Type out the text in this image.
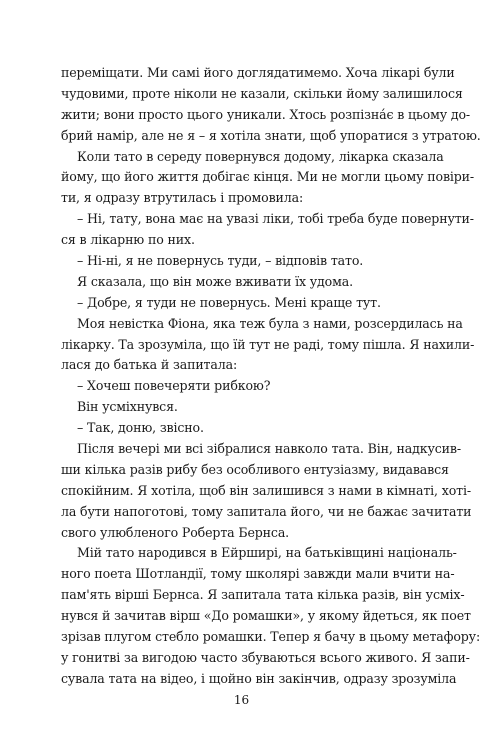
переміщати. Ми самі його доглядатимемо. Хоча лікарі були
чудовими, проте ніколи не казали, скільки йому залишилося
жити; вони просто цього уникали. Хтось розпізна́є в цьому до-
брий намір, але не я – я хотіла знати, щоб упоратися з утратою.
Коли тато в середу повернувся додому, лікарка сказала
йому, що його життя добігає кінця. Ми не могли цьому повіри-
ти, я одразу втрутилась і промовила:
– Ні, тату, вона має на увазі ліки, тобі треба буде повернути-
ся в лікарню по них.
– Ні-ні, я не повернусь туди, – відповів тато.
Я сказала, що він може вживати їх удома.
– Добре, я туди не повернусь. Мені краще тут.
Моя невістка Фіона, яка теж була з нами, розсердилась на
лікарку. Та зрозуміла, що їй тут не раді, тому пішла. Я нахили-
лася до батька й запитала:
– Хочеш повечеряти рибкою?
Він усміхнувся.
– Так, доню, звісно.
Після вечері ми всі зібралися навколо тата. Він, надкусив-
ши кілька разів рибу без особливого ентузіазму, видавався
спокійним. Я хотіла, щоб він залишився з нами в кімнаті, хоті-
ла бути напоготові, тому запитала його, чи не бажає зачитати
свого улюбленого Роберта Бернса.
Мій тато народився в Ейрширі, на батьківщині національ-
ного поета Шотландії, тому школярі завжди мали вчити на-
пам'ять вірші Бернса. Я запитала тата кілька разів, він усміх-
нувся й зачитав вірш «До ромашки», у якому йдеться, як поет
зрізав плугом стебло ромашки. Тепер я бачу в цьому метафору:
у гонитві за вигодою часто збуваються всього живого. Я запи-
сувала тата на відео, і щойно він закінчив, одразу зрозуміла
16
